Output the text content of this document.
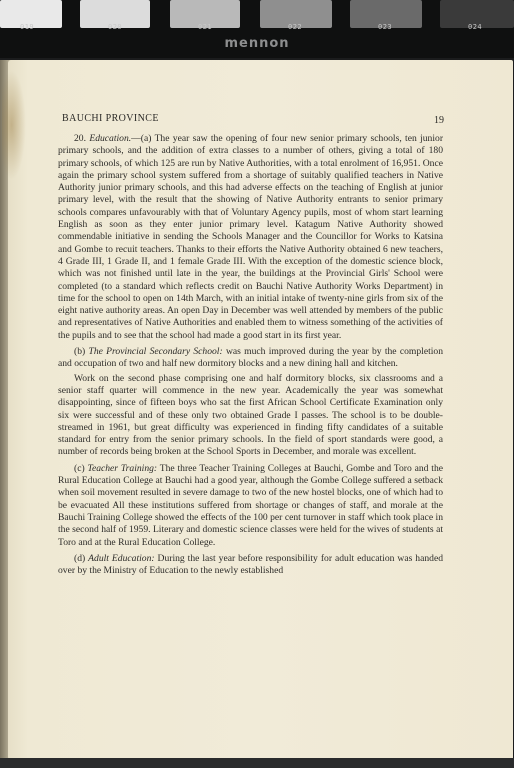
019	020	021	022	023	024
mennon
BAUCHI PROVINCE	19

20. Education.—(a) The year saw the opening of four new senior primary schools, ten junior primary schools, and the addition of extra classes to a number of others, giving a total of 180 primary schools, of which 125 are run by Native Authorities, with a total enrolment of 16,951. Once again the primary school system suffered from a shortage of suitably qualified teachers in Native Authority junior primary schools, and this had adverse effects on the teaching of English at junior primary level, with the result that the showing of Native Authority entrants to senior primary schools compares unfavourably with that of Voluntary Agency pupils, most of whom start learning English as soon as they enter junior primary level. Katagum Native Authority showed commendable initiative in sending the Schools Manager and the Councillor for Works to Katsina and Gombe to recuit teachers. Thanks to their efforts the Native Authority obtained 6 new teachers, 4 Grade III, 1 Grade II, and 1 female Grade III. With the exception of the domestic science block, which was not finished until late in the year, the buildings at the Provincial Girls' School were completed (to a standard which reflects credit on Bauchi Native Authority Works Department) in time for the school to open on 14th March, with an initial intake of twenty-nine girls from six of the eight native authority areas. An open Day in December was well attended by members of the public and representatives of Native Authorities and enabled them to witness something of the activities of the pupils and to see that the school had made a good start in its first year.

(b) The Provincial Secondary School: was much improved during the year by the completion and occupation of two and half new dormitory blocks and a new dining hall and kitchen.

Work on the second phase comprising one and half dormitory blocks, six classrooms and a senior staff quarter will commence in the new year. Academically the year was somewhat disappointing, since of fifteen boys who sat the first African School Certificate Examination only six were successful and of these only two obtained Grade I passes. The school is to be double-streamed in 1961, but great difficulty was experienced in finding fifty candidates of a suitable standard for entry from the senior primary schools. In the field of sport standards were good, a number of records being broken at the School Sports in December, and morale was excellent.

(c) Teacher Training: The three Teacher Training Colleges at Bauchi, Gombe and Toro and the Rural Education College at Bauchi had a good year, although the Gombe College suffered a setback when soil movement resulted in severe damage to two of the new hostel blocks, one of which had to be evacuated All these institutions suffered from shortage or changes of staff, and morale at the Bauchi Training College showed the effects of the 100 per cent turnover in staff which took place in the second half of 1959. Literary and domestic science classes were held for the wives of students at Toro and at the Rural Education College.

(d) Adult Education: During the last year before responsibility for adult education was handed over by the Ministry of Education to the newly established
